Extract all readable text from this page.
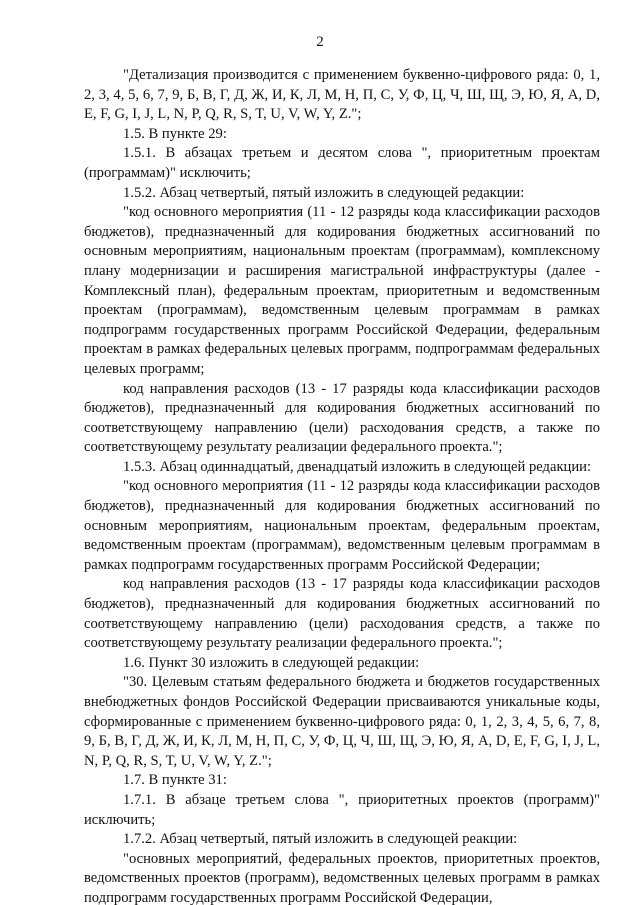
2

"Детализация производится с применением буквенно-цифрового ряда: 0, 1, 2, 3, 4, 5, 6, 7, 9, Б, В, Г, Д, Ж, И, К, Л, М, Н, П, С, У, Ф, Ц, Ч, Ш, Щ, Э, Ю, Я, A, D, E, F, G, I, J, L, N, P, Q, R, S, T, U, V, W, Y, Z.";

1.5. В пункте 29:

1.5.1. В абзацах третьем и десятом слова ", приоритетным проектам (программам)" исключить;

1.5.2. Абзац четвертый, пятый изложить в следующей редакции:

"код основного мероприятия (11 - 12 разряды кода классификации расходов бюджетов), предназначенный для кодирования бюджетных ассигнований по основным мероприятиям, национальным проектам (программам), комплексному плану модернизации и расширения магистральной инфраструктуры (далее - Комплексный план), федеральным проектам, приоритетным и ведомственным проектам (программам), ведомственным целевым программам в рамках подпрограмм государственных программ Российской Федерации, федеральным проектам в рамках федеральных целевых программ, подпрограммам федеральных целевых программ;

код направления расходов (13 - 17 разряды кода классификации расходов бюджетов), предназначенный для кодирования бюджетных ассигнований по соответствующему направлению (цели) расходования средств, а также по соответствующему результату реализации федерального проекта.";

1.5.3. Абзац одиннадцатый, двенадцатый изложить в следующей редакции:

"код основного мероприятия (11 - 12 разряды кода классификации расходов бюджетов), предназначенный для кодирования бюджетных ассигнований по основным мероприятиям, национальным проектам, федеральным проектам, ведомственным проектам (программам), ведомственным целевым программам в рамках подпрограмм государственных программ Российской Федерации;

код направления расходов (13 - 17 разряды кода классификации расходов бюджетов), предназначенный для кодирования бюджетных ассигнований по соответствующему направлению (цели) расходования средств, а также по соответствующему результату реализации федерального проекта.";

1.6. Пункт 30 изложить в следующей редакции:

"30. Целевым статьям федерального бюджета и бюджетов государственных внебюджетных фондов Российской Федерации присваиваются уникальные коды, сформированные с применением буквенно-цифрового ряда: 0, 1, 2, 3, 4, 5, 6, 7, 8, 9, Б, В, Г, Д, Ж, И, К, Л, М, Н, П, С, У, Ф, Ц, Ч, Ш, Щ, Э, Ю, Я, A, D, E, F, G, I, J, L, N, P, Q, R, S, T, U, V, W, Y, Z.";

1.7. В пункте 31:

1.7.1. В абзаце третьем слова ", приоритетных проектов (программ)" исключить;

1.7.2. Абзац четвертый, пятый изложить в следующей реакции:

"основных мероприятий, федеральных проектов, приоритетных проектов, ведомственных проектов (программ), ведомственных целевых программ в рамках подпрограмм государственных программ Российской Федерации,
